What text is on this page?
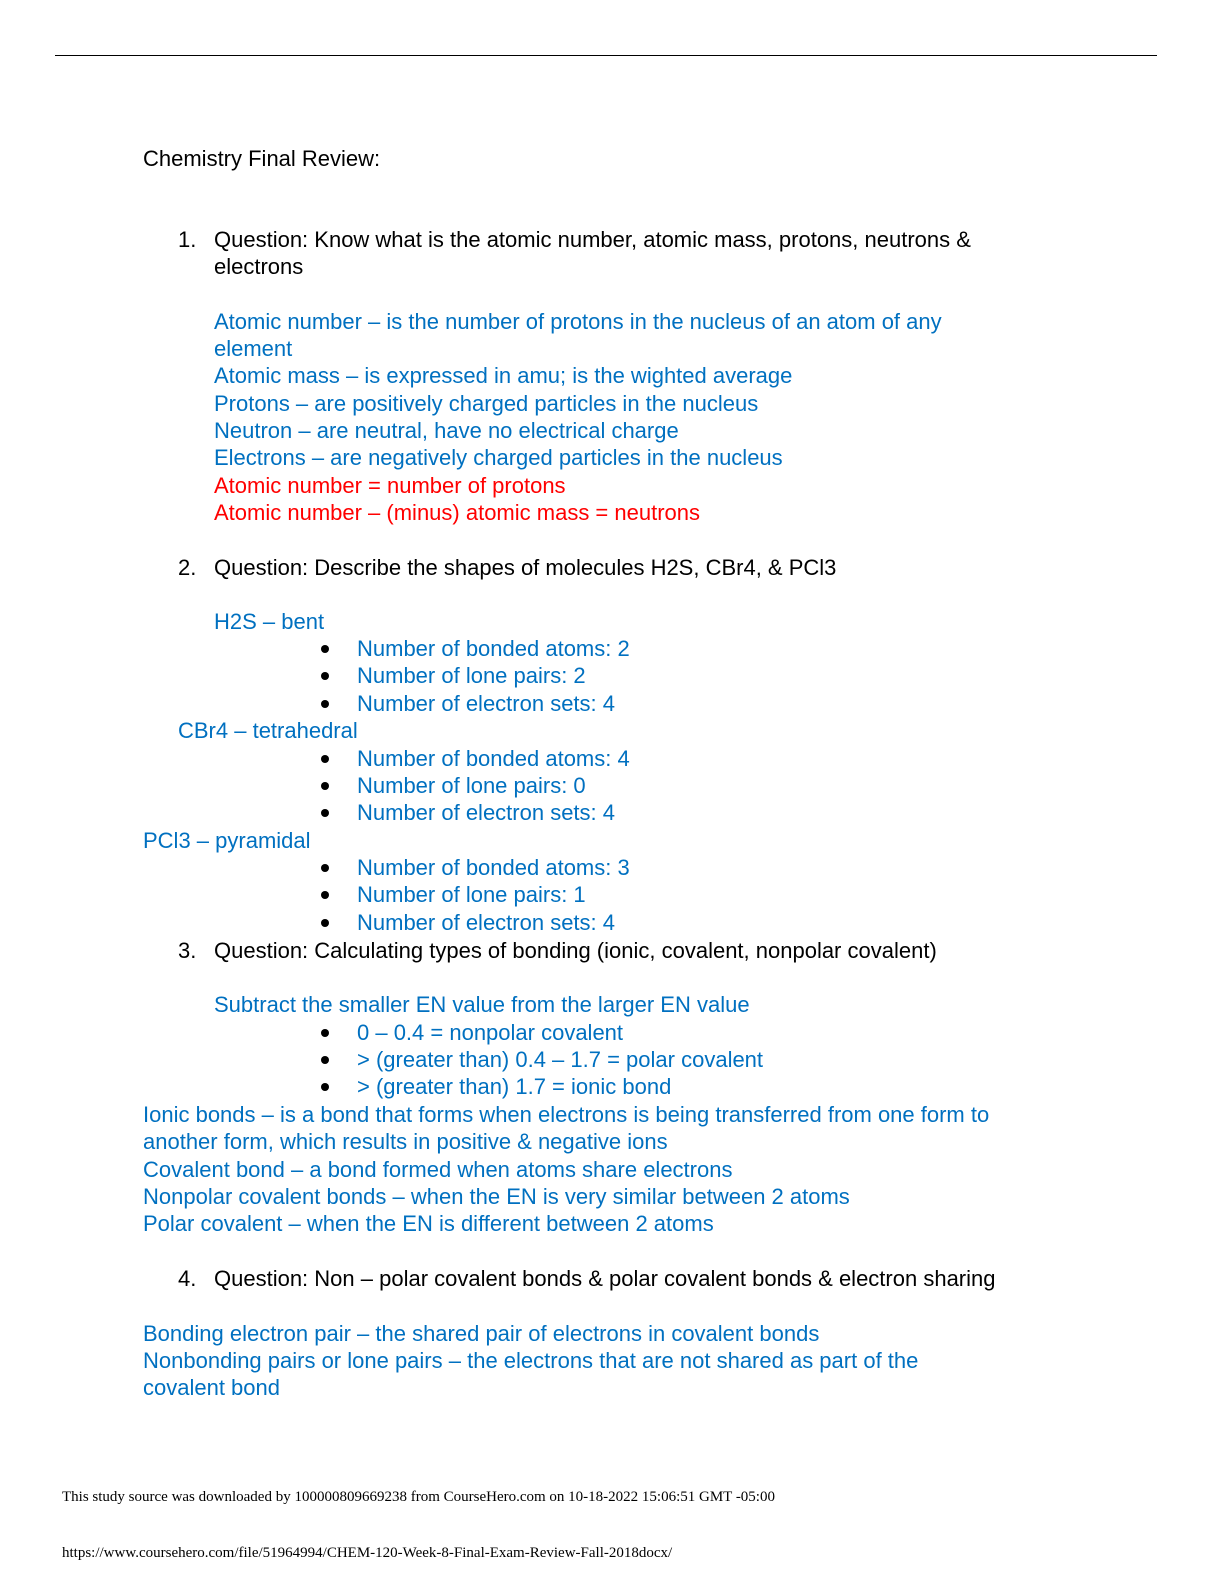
Chemistry Final Review:
1. Question: Know what is the atomic number, atomic mass, protons, neutrons &
electrons
Atomic number – is the number of protons in the nucleus of an atom of any
element
Atomic mass – is expressed in amu; is the wighted average
Protons – are positively charged particles in the nucleus
Neutron – are neutral, have no electrical charge
Electrons – are negatively charged particles in the nucleus
Atomic number = number of protons
Atomic number – (minus) atomic mass = neutrons
2. Question: Describe the shapes of molecules H2S, CBr4, & PCl3
H2S – bent
Number of bonded atoms: 2
Number of lone pairs: 2
Number of electron sets: 4
CBr4 – tetrahedral
Number of bonded atoms: 4
Number of lone pairs: 0
Number of electron sets: 4
PCl3 – pyramidal
Number of bonded atoms: 3
Number of lone pairs: 1
Number of electron sets: 4
3. Question: Calculating types of bonding (ionic, covalent, nonpolar covalent)
Subtract the smaller EN value from the larger EN value
0 – 0.4 = nonpolar covalent
> (greater than) 0.4 – 1.7 = polar covalent
> (greater than) 1.7 = ionic bond
Ionic bonds – is a bond that forms when electrons is being transferred from one form to
another form, which results in positive & negative ions
Covalent bond – a bond formed when atoms share electrons
Nonpolar covalent bonds – when the EN is very similar between 2 atoms
Polar covalent – when the EN is different between 2 atoms
4. Question: Non – polar covalent bonds & polar covalent bonds & electron sharing
Bonding electron pair – the shared pair of electrons in covalent bonds
Nonbonding pairs or lone pairs – the electrons that are not shared as part of the
covalent bond
This study source was downloaded by 100000809669238 from CourseHero.com on 10-18-2022 15:06:51 GMT -05:00
https://www.coursehero.com/file/51964994/CHEM-120-Week-8-Final-Exam-Review-Fall-2018docx/
